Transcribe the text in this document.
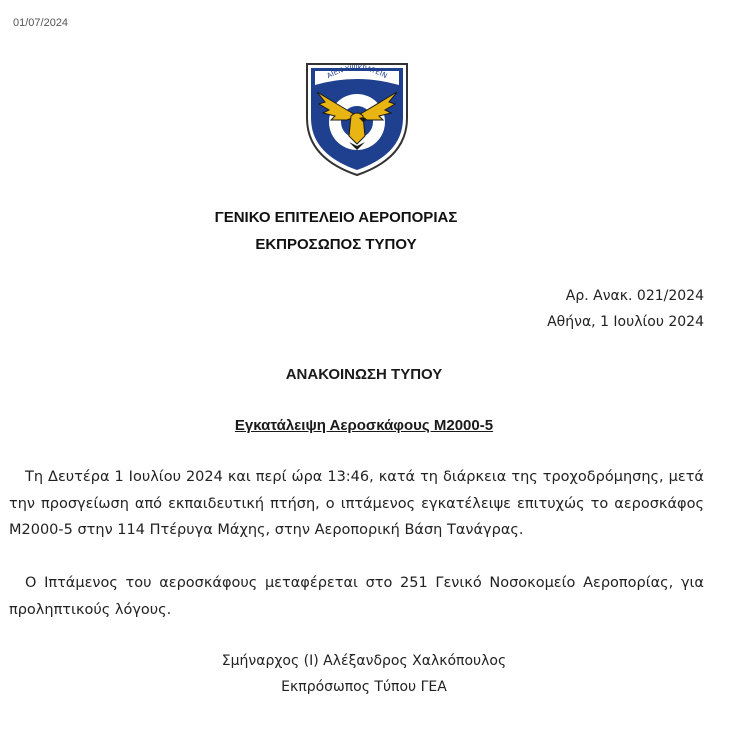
01/07/2024
ΑΙΕΝ ΥΨΙΚΡΑΤΕΙΝ
ΓΕΝΙΚΟ ΕΠΙΤΕΛΕΙΟ ΑΕΡΟΠΟΡΙΑΣ
ΕΚΠΡΟΣΩΠΟΣ ΤΥΠΟΥ
Αρ. Ανακ. 021/2024
Αθήνα, 1 Ιουλίου 2024
ΑΝΑΚΟΙΝΩΣΗ ΤΥΠΟΥ
Εγκατάλειψη Αεροσκάφους M2000-5
Τη Δευτέρα 1 Ιουλίου 2024 και περί ώρα 13:46, κατά τη διάρκεια της τροχοδρόμησης, μετά την προσγείωση από εκπαιδευτική πτήση, ο ιπτάμενος εγκατέλειψε επιτυχώς το αεροσκάφος M2000-5 στην 114 Πτέρυγα Μάχης, στην Αεροπορική Βάση Τανάγρας.
Ο Ιπτάμενος του αεροσκάφους μεταφέρεται στο 251 Γενικό Νοσοκομείο Αεροπορίας, για προληπτικούς λόγους.
Σμήναρχος (Ι) Αλέξανδρος Χαλκόπουλος
Εκπρόσωπος Τύπου ΓΕΑ
